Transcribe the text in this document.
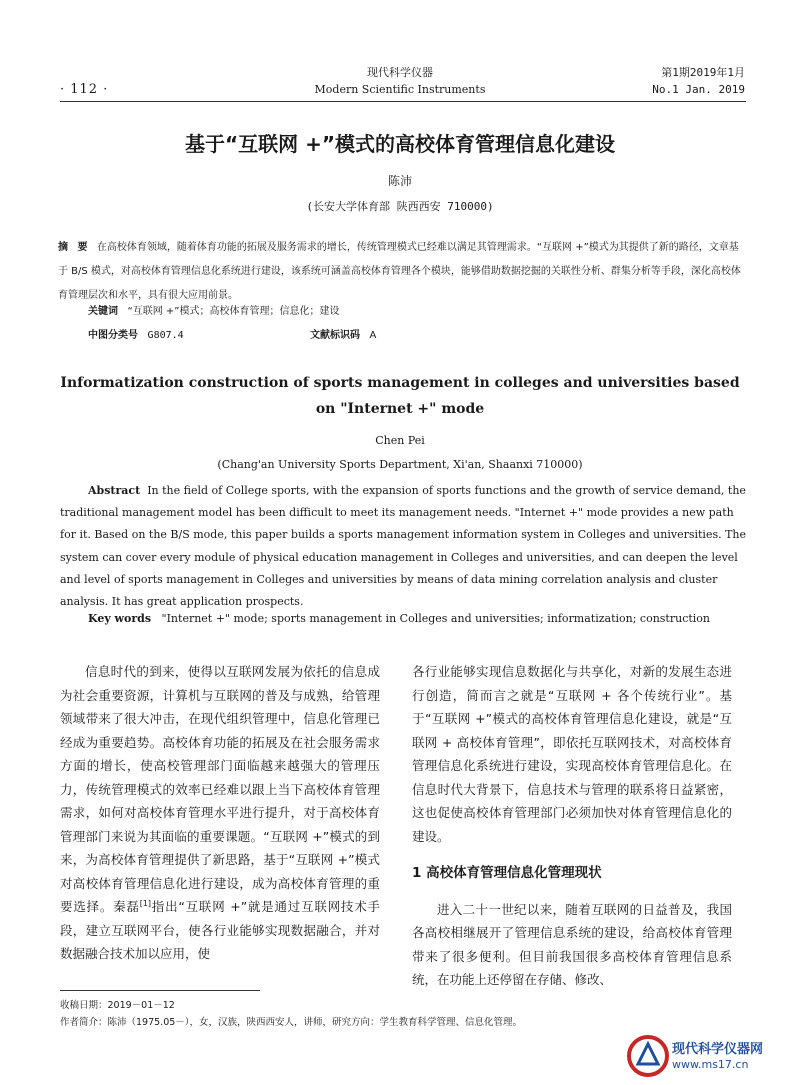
· 112 ·
现代科学仪器
Modern Scientific Instruments
第1期2019年1月
No.1 Jan. 2019
基于“互联网 +”模式的高校体育管理信息化建设
陈沛
(长安大学体育部 陕西西安 710000)
摘 要 在高校体育领域，随着体育功能的拓展及服务需求的增长，传统管理模式已经难以满足其管理需求。“互联网 +”模式为其提供了新的路径，文章基于 B/S 模式，对高校体育管理信息化系统进行建设，该系统可涵盖高校体育管理各个模块，能够借助数据挖掘的关联性分析、群集分析等手段，深化高校体育管理层次和水平，具有很大应用前景。
关键词 “互联网 +”模式；高校体育管理；信息化；建设
中图分类号 G807.4	文献标识码 A
Informatization construction of sports management in colleges and universities based on "Internet +" mode
Chen Pei
(Chang'an University Sports Department, Xi'an, Shaanxi 710000)
Abstract In the field of College sports, with the expansion of sports functions and the growth of service demand, the traditional management model has been difficult to meet its management needs. "Internet +" mode provides a new path for it. Based on the B/S mode, this paper builds a sports management information system in Colleges and universities. The system can cover every module of physical education management in Colleges and universities, and can deepen the level and level of sports management in Colleges and universities by means of data mining correlation analysis and cluster analysis. It has great application prospects.
Key words "Internet +" mode; sports management in Colleges and universities; informatization; construction

信息时代的到来，使得以互联网发展为依托的信息成为社会重要资源，计算机与互联网的普及与成熟，给管理领域带来了很大冲击，在现代组织管理中，信息化管理已经成为重要趋势。高校体育功能的拓展及在社会服务需求方面的增长，使高校管理部门面临越来越强大的管理压力，传统管理模式的效率已经难以跟上当下高校体育管理需求，如何对高校体育管理水平进行提升，对于高校体育管理部门来说为其面临的重要课题。“互联网 +”模式的到来，为高校体育管理提供了新思路，基于“互联网 +”模式对高校体育管理信息化进行建设，成为高校体育管理的重要选择。秦磊[1]指出“互联网 +”就是通过互联网技术手段，建立互联网平台，使各行业能够实现数据融合，并对数据融合技术加以应用，使

各行业能够实现信息数据化与共享化，对新的发展生态进行创造，简而言之就是“互联网 + 各个传统行业”。基于“互联网 +”模式的高校体育管理信息化建设，就是“互联网 + 高校体育管理”，即依托互联网技术，对高校体育管理信息化系统进行建设，实现高校体育管理信息化。在信息时代大背景下，信息技术与管理的联系将日益紧密，这也促使高校体育管理部门必须加快对体育管理信息化的建设。

1 高校体育管理信息化管理现状

进入二十一世纪以来，随着互联网的日益普及，我国各高校相继展开了管理信息系统的建设，给高校体育管理带来了很多便利。但目前我国很多高校体育管理信息系统，在功能上还停留在存储、修改、

收稿日期：2019－01－12
作者简介：陈沛（1975.05－），女，汉族，陕西西安人，讲师，研究方向：学生教育科学管理、信息化管理。
现代科学仪器网
www.ms17.cn
